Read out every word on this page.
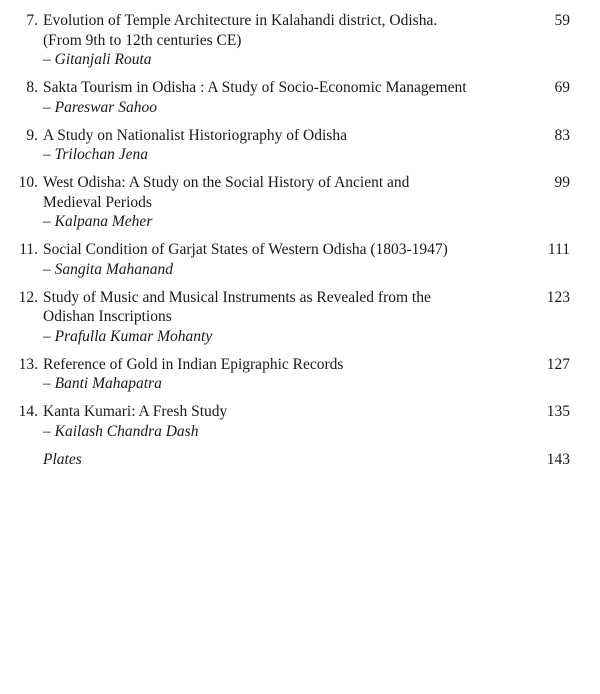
7. Evolution of Temple Architecture in Kalahandi district, Odisha.
(From 9th to 12th centuries CE)
– Gitanjali Routa
59
8. Sakta Tourism in Odisha : A Study of Socio-Economic Management
– Pareswar Sahoo
69
9. A Study on Nationalist Historiography of Odisha
– Trilochan Jena
83
10. West Odisha: A Study on the Social History of Ancient and
Medieval Periods
– Kalpana Meher
99
11. Social Condition of Garjat States of Western Odisha (1803-1947)
– Sangita Mahanand
111
12. Study of Music and Musical Instruments as Revealed from the
Odishan Inscriptions
– Prafulla Kumar Mohanty
123
13. Reference of Gold in Indian Epigraphic Records
– Banti Mahapatra
127
14. Kanta Kumari: A Fresh Study
– Kailash Chandra Dash
135
Plates	143
